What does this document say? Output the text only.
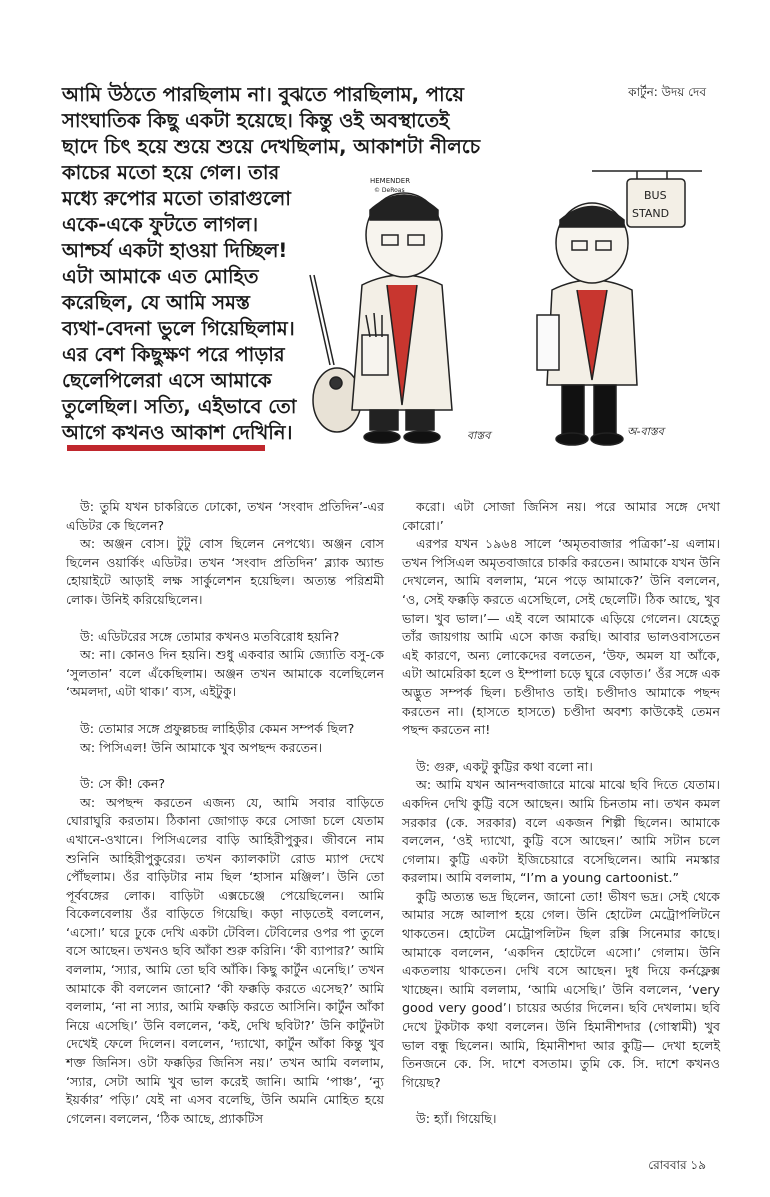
কার্টুন: উদয় দেব
আমি উঠতে পারছিলাম না। বুঝতে পারছিলাম, পায়ে
সাংঘাতিক কিছু একটা হয়েছে। কিন্তু ওই অবস্থাতেই
ছাদে চিৎ হয়ে শুয়ে শুয়ে দেখছিলাম, আকাশটা নীলচে
কাচের মতো হয়ে গেল। তার
মধ্যে রুপোর মতো তারাগুলো
একে-একে ফুটতে লাগল।
আশ্চর্য একটা হাওয়া দিচ্ছিল!
এটা আমাকে এত মোহিত
করেছিল, যে আমি সমস্ত
ব্যথা-বেদনা ভুলে গিয়েছিলাম।
এর বেশ কিছুক্ষণ পরে পাড়ার
ছেলেপিলেরা এসে আমাকে
তুলেছিল। সত্যি, এইভাবে তো
আগে কখনও আকাশ দেখিনি।
HEMENDER
© DeRoas	BUS
STAND
বাস্তব	অ-বাস্তব

উ: তুমি যখন চাকরিতে ঢোকো, তখন ‘সংবাদ প্রতিদিন’-এর এডিটর কে ছিলেন?

অ: অঞ্জন বোস। টুটু বোস ছিলেন নেপথ্যে। অঞ্জন বোস ছিলেন ওয়ার্কিং এডিটর। তখন ‘সংবাদ প্রতিদিন’ ব্ল্যাক অ্যান্ড হোয়াইটে আড়াই লক্ষ সার্কুলেশন হয়েছিল। অত্যন্ত পরিশ্রমী লোক। উনিই করিয়েছিলেন।

উ: এডিটরের সঙ্গে তোমার কখনও মতবিরোধ হয়নি?

অ: না। কোনও দিন হয়নি। শুধু একবার আমি জ্যোতি বসু-কে ‘সুলতান’ বলে এঁকেছিলাম। অঞ্জন তখন আমাকে বলেছিলেন ‘অমলদা, এটা থাক।’ ব্যস, এইটুকু।

উ: তোমার সঙ্গে প্রফুল্লচন্দ্র লাহিড়ীর কেমন সম্পর্ক ছিল?

অ: পিসিএল! উনি আমাকে খুব অপছন্দ করতেন।

উ: সে কী! কেন?

অ: অপছন্দ করতেন এজন্য যে, আমি সবার বাড়িতে ঘোরাঘুরি করতাম। ঠিকানা জোগাড় করে সোজা চলে যেতাম এখানে-ওখানে। পিসিএলের বাড়ি আহিরীপুকুর। জীবনে নাম শুনিনি আহিরীপুকুরের। তখন ক্যালকাটা রোড ম্যাপ দেখে পৌঁছলাম। ওঁর বাড়িটার নাম ছিল ‘হাসান মঞ্জিল’। উনি তো পূর্ববঙ্গের লোক। বাড়িটা এক্সচেঞ্জে পেয়েছিলেন। আমি বিকেলবেলায় ওঁর বাড়িতে গিয়েছি। কড়া নাড়তেই বললেন, ‘এসো।’ ঘরে ঢুকে দেখি একটা টেবিল। টেবিলের ওপর পা তুলে বসে আছেন। তখনও ছবি আঁকা শুরু করিনি। ‘কী ব্যাপার?’ আমি বললাম, ‘স্যার, আমি তো ছবি আঁকি। কিছু কার্টুন এনেছি।’ তখন আমাকে কী বললেন জানো? ‘কী ফক্কড়ি করতে এসেছ?’ আমি বললাম, ‘না না স্যার, আমি ফক্কড়ি করতে আসিনি। কার্টুন আঁকা নিয়ে এসেছি।’ উনি বললেন, ‘কই, দেখি ছবিটা?’ উনি কার্টুনটা দেখেই ফেলে দিলেন। বললেন, ‘দ্যাখো, কার্টুন আঁকা কিন্তু খুব শক্ত জিনিস। ওটা ফক্কড়ির জিনিস নয়।’ তখন আমি বললাম, ‘স্যার, সেটা আমি খুব ভাল করেই জানি। আমি ‘পাঞ্চ’, ‘ন্যু ইয়র্কার’ পড়ি।’ যেই না এসব বলেছি, উনি অমনি মোহিত হয়ে গেলেন। বললেন, ‘ঠিক আছে, প্র্যাকটিস

করো। এটা সোজা জিনিস নয়। পরে আমার সঙ্গে দেখা কোরো।’

এরপর যখন ১৯৬৪ সালে ‘অমৃতবাজার পত্রিকা’-য় এলাম। তখন পিসিএল অমৃতবাজারে চাকরি করতেন। আমাকে যখন উনি দেখলেন, আমি বললাম, ‘মনে পড়ে আমাকে?’ উনি বললেন, ‘ও, সেই ফক্কড়ি করতে এসেছিলে, সেই ছেলেটি। ঠিক আছে, খুব ভাল। খুব ভাল।’— এই বলে আমাকে এড়িয়ে গেলেন। যেহেতু তাঁর জায়গায় আমি এসে কাজ করছি। আবার ভালওবাসতেন এই কারণে, অন্য লোকেদের বলতেন, ‘উফ, অমল যা আঁকে, এটা আমেরিকা হলে ও ইম্পালা চড়ে ঘুরে বেড়াত।’ ওঁর সঙ্গে এক অদ্ভুত সম্পর্ক ছিল। চণ্ডীদাও তাই। চণ্ডীদাও আমাকে পছন্দ করতেন না। (হাসতে হাসতে) চণ্ডীদা অবশ্য কাউকেই তেমন পছন্দ করতেন না!

উ: গুরু, একটু কুট্টির কথা বলো না।

অ: আমি যখন আনন্দবাজারে মাঝে মাঝে ছবি দিতে যেতাম। একদিন দেখি কুট্টি বসে আছেন। আমি চিনতাম না। তখন কমল সরকার (কে. সরকার) বলে একজন শিল্পী ছিলেন। আমাকে বললেন, ‘ওই দ্যাখো, কুট্টি বসে আছেন।’ আমি সটান চলে গেলাম। কুট্টি একটা ইজিচেয়ারে বসেছিলেন। আমি নমস্কার করলাম। আমি বললাম, “I’m a young cartoonist.”

কুট্টি অত্যন্ত ভদ্র ছিলেন, জানো তো! ভীষণ ভদ্র। সেই থেকে আমার সঙ্গে আলাপ হয়ে গেল। উনি হোটেল মেট্রোপলিটনে থাকতেন। হোটেল মেট্রোপলিটন ছিল রক্সি সিনেমার কাছে। আমাকে বললেন, ‘একদিন হোটেলে এসো।’ গেলাম। উনি একতলায় থাকতেন। দেখি বসে আছেন। দুধ দিয়ে কর্নফ্লেক্স খাচ্ছেন। আমি বললাম, ‘আমি এসেছি।’ উনি বললেন, ‘very good very good’। চায়ের অর্ডার দিলেন। ছবি দেখলাম। ছবি দেখে টুকটাক কথা বললেন। উনি হিমানীশদার (গোস্বামী) খুব ভাল বন্ধু ছিলেন। আমি, হিমানীশদা আর কুট্টি— দেখা হলেই তিনজনে কে. সি. দাশে বসতাম। তুমি কে. সি. দাশে কখনও গিয়েছ?

উ: হ্যাঁ। গিয়েছি।

রোববার ১৯
